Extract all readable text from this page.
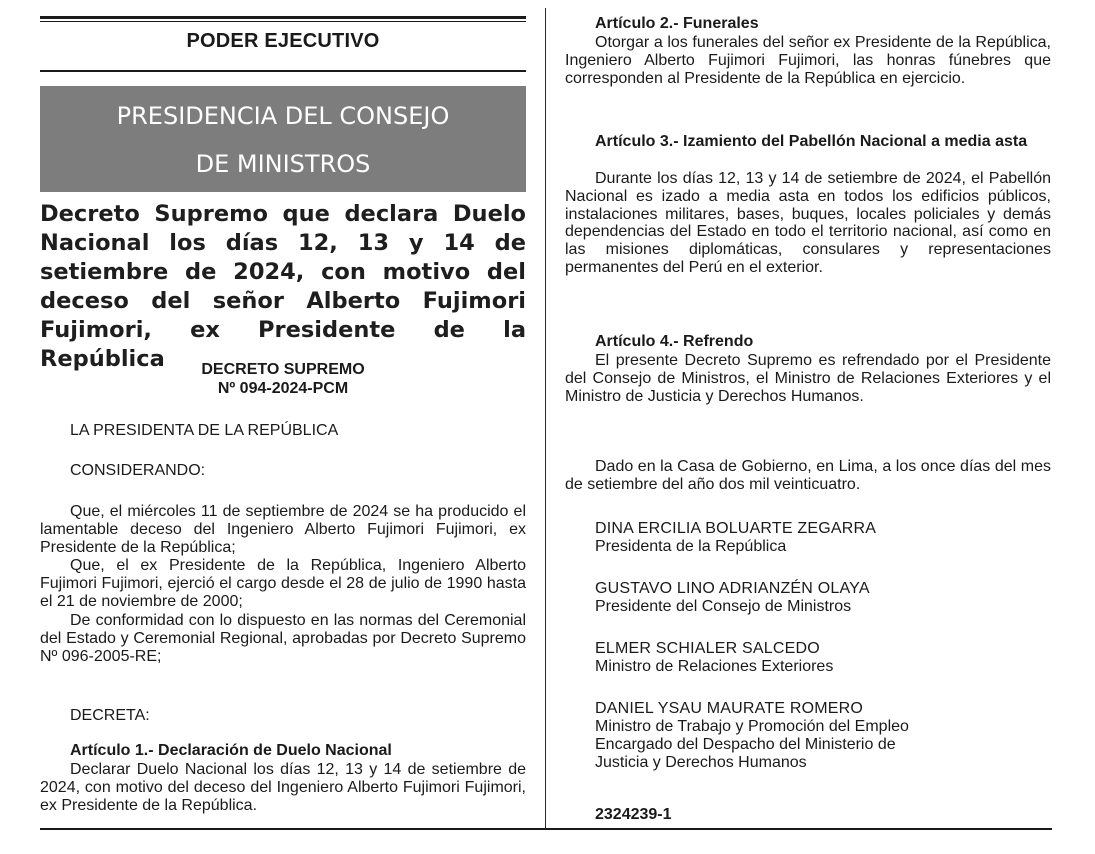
PODER EJECUTIVO
PRESIDENCIA DEL CONSEJO
DE MINISTROS
Decreto Supremo que declara Duelo Nacional los días 12, 13 y 14 de setiembre de 2024, con motivo del deceso del señor Alberto Fujimori Fujimori, ex Presidente de la República	DECRETO SUPREMO
Nº 094-2024-PCM
LA PRESIDENTA DE LA REPÚBLICA
CONSIDERANDO:
Que, el miércoles 11 de septiembre de 2024 se ha producido el lamentable deceso del Ingeniero Alberto Fujimori Fujimori, ex Presidente de la República;
Que, el ex Presidente de la República, Ingeniero Alberto Fujimori Fujimori, ejerció el cargo desde el 28 de julio de 1990 hasta el 21 de noviembre de 2000;
De conformidad con lo dispuesto en las normas del Ceremonial del Estado y Ceremonial Regional, aprobadas por Decreto Supremo Nº 096-2005-RE;
DECRETA:
Artículo 1.- Declaración de Duelo Nacional
Declarar Duelo Nacional los días 12, 13 y 14 de setiembre de 2024, con motivo del deceso del Ingeniero Alberto Fujimori Fujimori, ex Presidente de la República.
Artículo 2.- Funerales
Otorgar a los funerales del señor ex Presidente de la República, Ingeniero Alberto Fujimori Fujimori, las honras fúnebres que corresponden al Presidente de la República en ejercicio.
Artículo 3.- Izamiento del Pabellón Nacional a media asta
Durante los días 12, 13 y 14 de setiembre de 2024, el Pabellón Nacional es izado a media asta en todos los edificios públicos, instalaciones militares, bases, buques, locales policiales y demás dependencias del Estado en todo el territorio nacional, así como en las misiones diplomáticas, consulares y representaciones permanentes del Perú en el exterior.
Artículo 4.- Refrendo
El presente Decreto Supremo es refrendado por el Presidente del Consejo de Ministros, el Ministro de Relaciones Exteriores y el Ministro de Justicia y Derechos Humanos.
Dado en la Casa de Gobierno, en Lima, a los once días del mes de setiembre del año dos mil veinticuatro.
DINA ERCILIA BOLUARTE ZEGARRA
Presidenta de la República
GUSTAVO LINO ADRIANZÉN OLAYA
Presidente del Consejo de Ministros
ELMER SCHIALER SALCEDO
Ministro de Relaciones Exteriores
DANIEL YSAU MAURATE ROMERO
Ministro de Trabajo y Promoción del Empleo
Encargado del Despacho del Ministerio de
Justicia y Derechos Humanos
2324239-1
